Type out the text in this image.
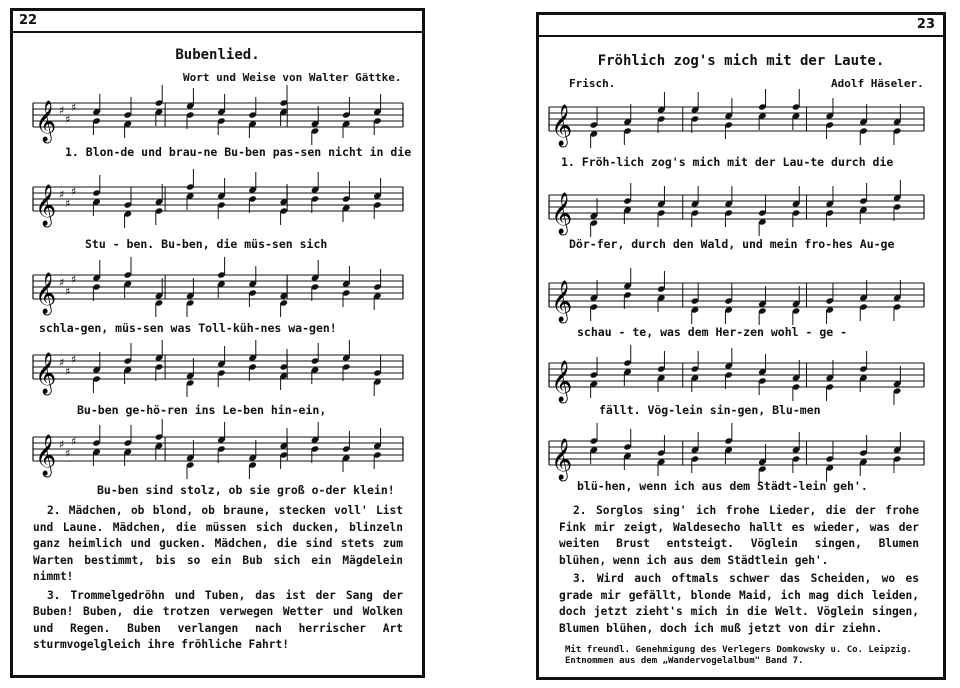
22
Bubenlied.
Wort und Weise von Walter Gättke.
𝄞 ♯
♯
♯
1. Blon-de und brau-ne Bu-ben pas-sen nicht in die
𝄞 ♯
♯
♯
Stu - ben. Bu-ben, die müs-sen sich
𝄞 ♯
♯
♯
schla-gen, müs-sen was Toll-küh-nes wa-gen!
𝄞 ♯
♯
♯
Bu-ben ge-hö-ren ins Le-ben hin-ein,
𝄞 ♯
♯
♯
Bu-ben sind stolz, ob sie groß o-der klein!

2. Mädchen, ob blond, ob braune, stecken voll' List und Laune. Mädchen, die müssen sich ducken, blinzeln ganz heimlich und gucken. Mädchen, die sind stets zum Warten bestimmt, bis so ein Bub sich ein Mägdelein nimmt!

3. Trommelgedröhn und Tuben, das ist der Sang der Buben! Buben, die trotzen verwegen Wetter und Wolken und Regen. Buben verlangen nach herrischer Art sturmvogelgleich ihre fröhliche Fahrt!

23
Fröhlich zog's mich mit der Laute.
Frisch.	Adolf Häseler.
𝄞
1. Fröh-lich zog's mich mit der Lau-te durch die
𝄞
Dör-fer, durch den Wald, und mein fro-hes Au-ge
𝄞
schau - te, was dem Her-zen wohl - ge -
𝄞
fällt. Vög-lein sin-gen, Blu-men
𝄞
blü-hen, wenn ich aus dem Städt-lein geh'.

2. Sorglos sing' ich frohe Lieder, die der frohe Fink mir zeigt, Waldesecho hallt es wieder, was der weiten Brust entsteigt. Vöglein singen, Blumen blühen, wenn ich aus dem Städtlein geh'.

3. Wird auch oftmals schwer das Scheiden, wo es grade mir gefällt, blonde Maid, ich mag dich leiden, doch jetzt zieht's mich in die Welt. Vöglein singen, Blumen blühen, doch ich muß jetzt von dir ziehn.

Mit freundl. Genehmigung des Verlegers Domkowsky u. Co. Leipzig. Entnommen aus dem „Wandervogelalbum" Band 7.
